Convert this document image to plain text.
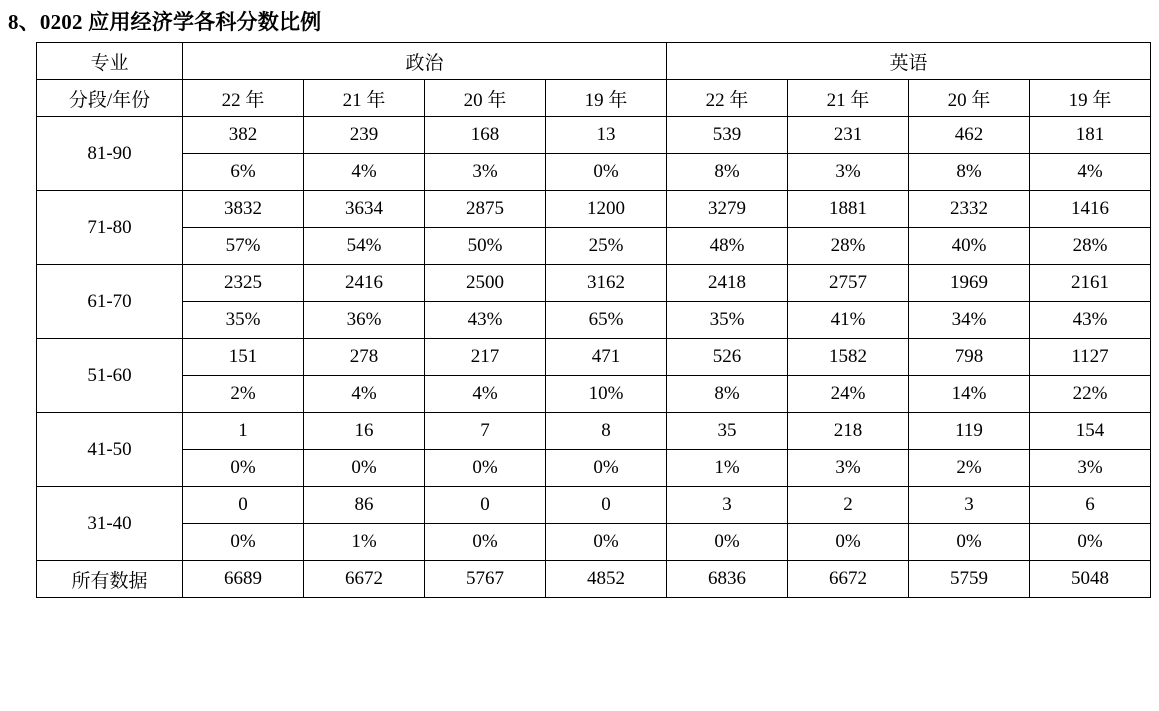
8、0202 应用经济学各科分数比例
专业	政治				英语			
分段/年份	22 年	21 年	20 年	19 年	22 年	21 年	20 年	19 年
81-90	382	239	168	13	539	231	462	181
	6%	4%	3%	0%	8%	3%	8%	4%
71-80	3832	3634	2875	1200	3279	1881	2332	1416
	57%	54%	50%	25%	48%	28%	40%	28%
61-70	2325	2416	2500	3162	2418	2757	1969	2161
	35%	36%	43%	65%	35%	41%	34%	43%
51-60	151	278	217	471	526	1582	798	1127
	2%	4%	4%	10%	8%	24%	14%	22%
41-50	1	16	7	8	35	218	119	154
	0%	0%	0%	0%	1%	3%	2%	3%
31-40	0	86	0	0	3	2	3	6
	0%	1%	0%	0%	0%	0%	0%	0%
所有数据	6689	6672	5767	4852	6836	6672	5759	5048
